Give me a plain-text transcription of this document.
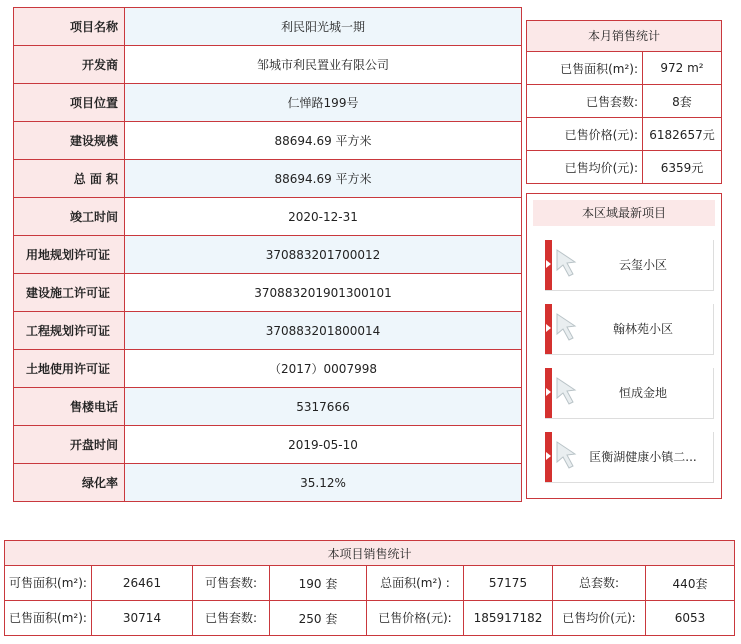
项目名称	利民阳光城一期
开发商	邹城市利民置业有限公司
项目位置	仁惮路199号
建设规模	88694.69 平方米
总 面 积	88694.69 平方米
竣工时间	2020-12-31
用地规划许可证	370883201700012
建设施工许可证	370883201901300101
工程规划许可证	370883201800014
土地使用许可证	（2017）0007998
售楼电话	5317666
开盘时间	2019-05-10
绿化率	35.12%
本月销售统计
已售面积(m²):	972 m²
已售套数:	8套
已售价格(元):	6182657元
已售均价(元):	6359元
本区域最新项目
云玺小区
翰林苑小区
恒成金地
匡衡湖健康小镇二...
本项目销售统计							
可售面积(m²):	26461	可售套数:	190 套	总面积(m²) :	57175	总套数:	440套
已售面积(m²):	30714	已售套数:	250 套	已售价格(元):	185917182	已售均价(元):	6053
